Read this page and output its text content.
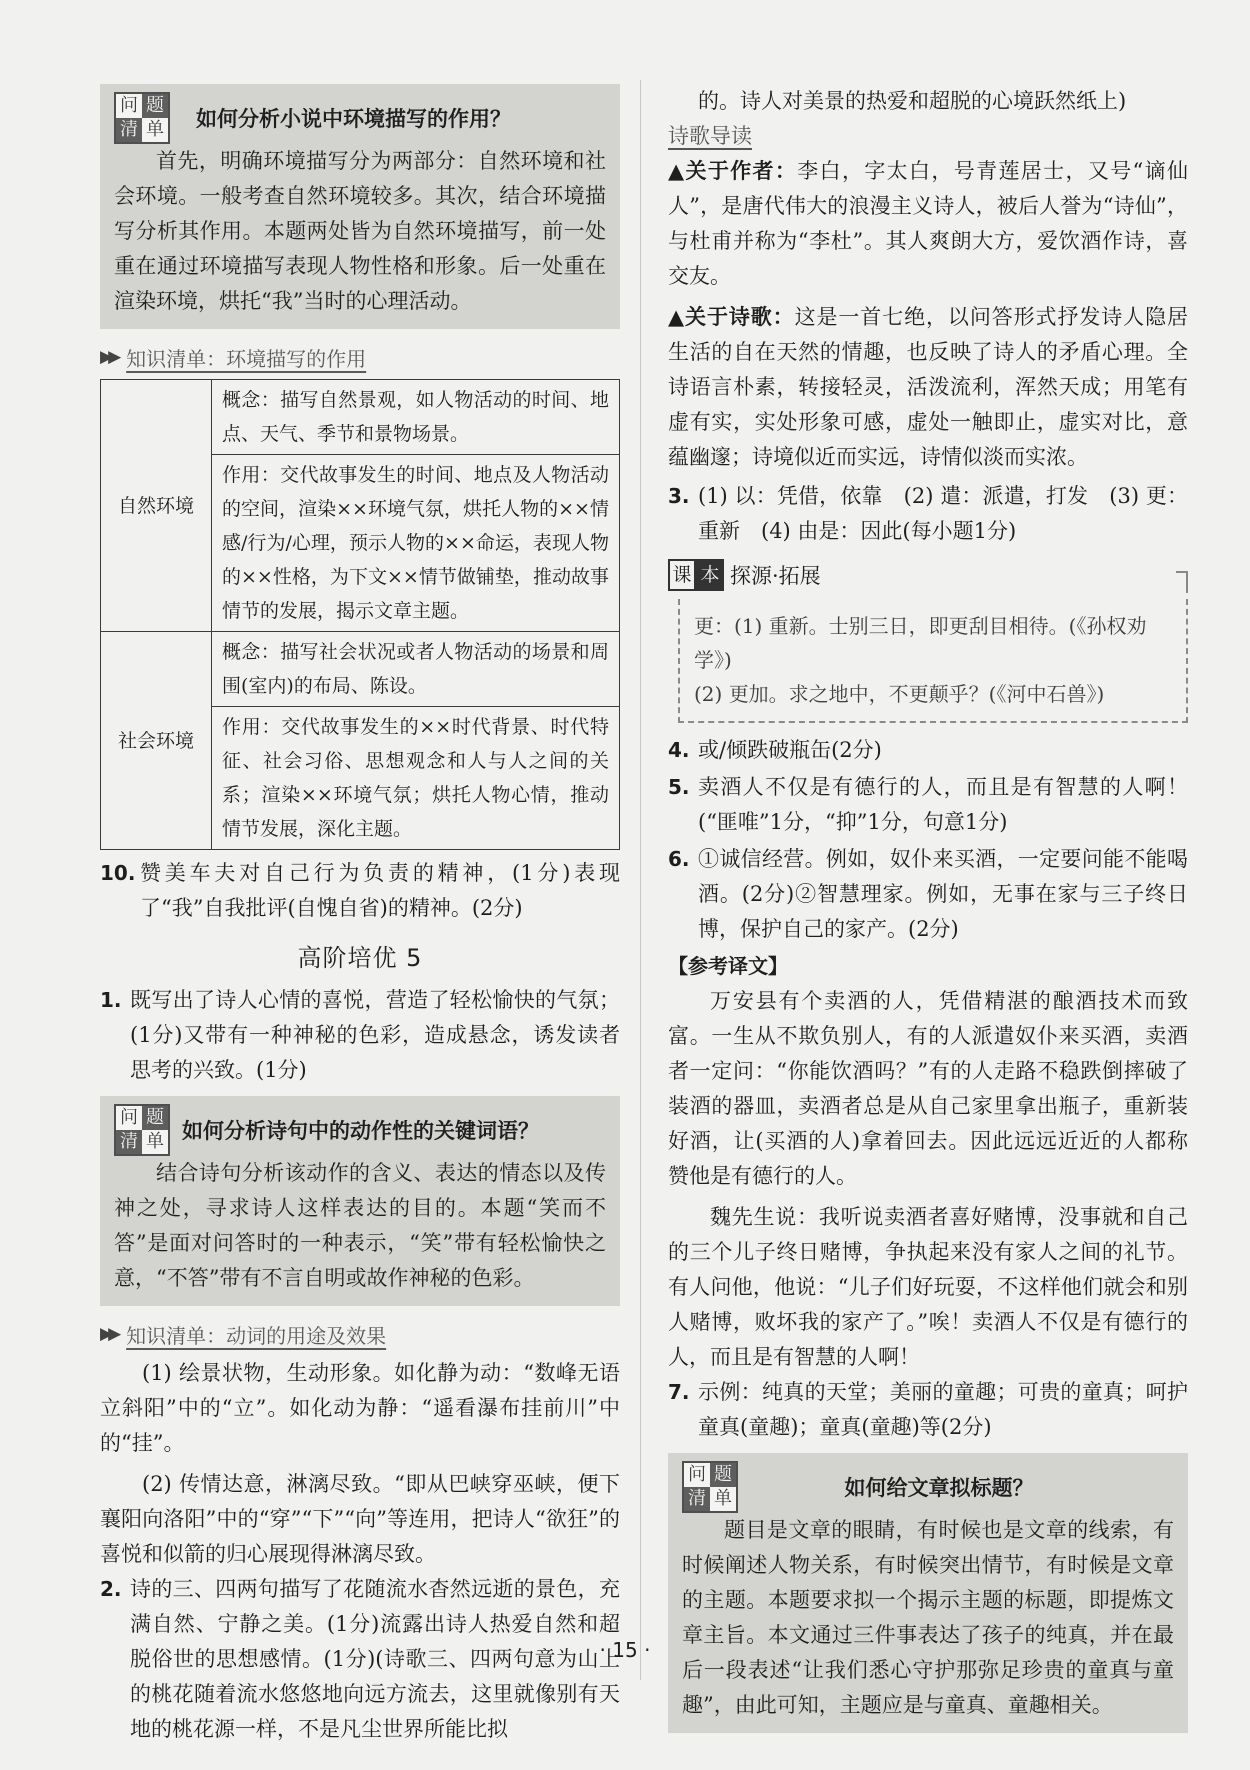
问 题
清 单 如何分析小说中环境描写的作用？

首先，明确环境描写分为两部分：自然环境和社会环境。一般考查自然环境较多。其次，结合环境描写分析其作用。本题两处皆为自然环境描写，前一处重在通过环境描写表现人物性格和形象。后一处重在渲染环境，烘托“我”当时的心理活动。

▶▶ 知识清单：环境描写的作用
自然环境	概念：描写自然景观，如人物活动的时间、地点、天气、季节和景物场景。
	作用：交代故事发生的时间、地点及人物活动的空间，渲染××环境气氛，烘托人物的××情感/行为/心理，预示人物的××命运，表现人物的××性格，为下文××情节做铺垫，推动故事情节的发展，揭示文章主题。
社会环境	概念：描写社会状况或者人物活动的场景和周围(室内)的布局、陈设。
	作用：交代故事发生的××时代背景、时代特征、社会习俗、思想观念和人与人之间的关系；渲染××环境气氛；烘托人物心情，推动情节发展，深化主题。
10. 赞美车夫对自己行为负责的精神，(1分)表现了“我”自我批评(自愧自省)的精神。(2分)
高阶培优 5
1. 既写出了诗人心情的喜悦，营造了轻松愉快的气氛；(1分)又带有一种神秘的色彩，造成悬念，诱发读者思考的兴致。(1分)
问 题
清 单 如何分析诗句中的动作性的关键词语？

结合诗句分析该动作的含义、表达的情态以及传神之处，寻求诗人这样表达的目的。本题“笑而不答”是面对问答时的一种表示，“笑”带有轻松愉快之意，“不答”带有不言自明或故作神秘的色彩。

▶▶ 知识清单：动词的用途及效果

(1) 绘景状物，生动形象。如化静为动：“数峰无语立斜阳”中的“立”。如化动为静：“遥看瀑布挂前川”中的“挂”。

(2) 传情达意，淋漓尽致。“即从巴峡穿巫峡，便下襄阳向洛阳”中的“穿”“下”“向”等连用，把诗人“欲狂”的喜悦和似箭的归心展现得淋漓尽致。

2. 诗的三、四两句描写了花随流水杳然远逝的景色，充满自然、宁静之美。(1分)流露出诗人热爱自然和超脱俗世的思想感情。(1分)(诗歌三、四两句意为山上的桃花随着流水悠悠地向远方流去，这里就像别有天地的桃花源一样，不是凡尘世界所能比拟

的。诗人对美景的热爱和超脱的心境跃然纸上)

诗歌导读

▲关于作者：李白，字太白，号青莲居士，又号“谪仙人”，是唐代伟大的浪漫主义诗人，被后人誉为“诗仙”，与杜甫并称为“李杜”。其人爽朗大方，爱饮酒作诗，喜交友。

▲关于诗歌：这是一首七绝，以问答形式抒发诗人隐居生活的自在天然的情趣，也反映了诗人的矛盾心理。全诗语言朴素，转接轻灵，活泼流利，浑然天成；用笔有虚有实，实处形象可感，虚处一触即止，虚实对比，意蕴幽邃；诗境似近而实远，诗情似淡而实浓。

3. (1) 以：凭借，依靠　(2) 遣：派遣，打发　(3) 更：重新　(4) 由是：因此(每小题1分)
课 本 探源·拓展
更：(1) 重新。士别三日，即更刮目相待。(《孙权劝学》)
(2) 更加。求之地中，不更颠乎？(《河中石兽》)
4. 或/倾跌破瓶缶(2分)
5. 卖酒人不仅是有德行的人，而且是有智慧的人啊！(“匪唯”1分，“抑”1分，句意1分)
6. ①诚信经营。例如，奴仆来买酒，一定要问能不能喝酒。(2分)②智慧理家。例如，无事在家与三子终日博，保护自己的家产。(2分)
【参考译文】

万安县有个卖酒的人，凭借精湛的酿酒技术而致富。一生从不欺负别人，有的人派遣奴仆来买酒，卖酒者一定问：“你能饮酒吗？”有的人走路不稳跌倒摔破了装酒的器皿，卖酒者总是从自己家里拿出瓶子，重新装好酒，让(买酒的人)拿着回去。因此远远近近的人都称赞他是有德行的人。

魏先生说：我听说卖酒者喜好赌博，没事就和自己的三个儿子终日赌博，争执起来没有家人之间的礼节。有人问他，他说：“儿子们好玩耍，不这样他们就会和别人赌博，败坏我的家产了。”唉！卖酒人不仅是有德行的人，而且是有智慧的人啊！

7. 示例：纯真的天堂；美丽的童趣；可贵的童真；呵护童真(童趣)；童真(童趣)等(2分)
问 题
清 单	如何给文章拟标题？

题目是文章的眼睛，有时候也是文章的线索，有时候阐述人物关系，有时候突出情节，有时候是文章的主题。本题要求拟一个揭示主题的标题，即提炼文章主旨。本文通过三件事表达了孩子的纯真，并在最后一段表述“让我们悉心守护那弥足珍贵的童真与童趣”，由此可知，主题应是与童真、童趣相关。

· 15 ·
